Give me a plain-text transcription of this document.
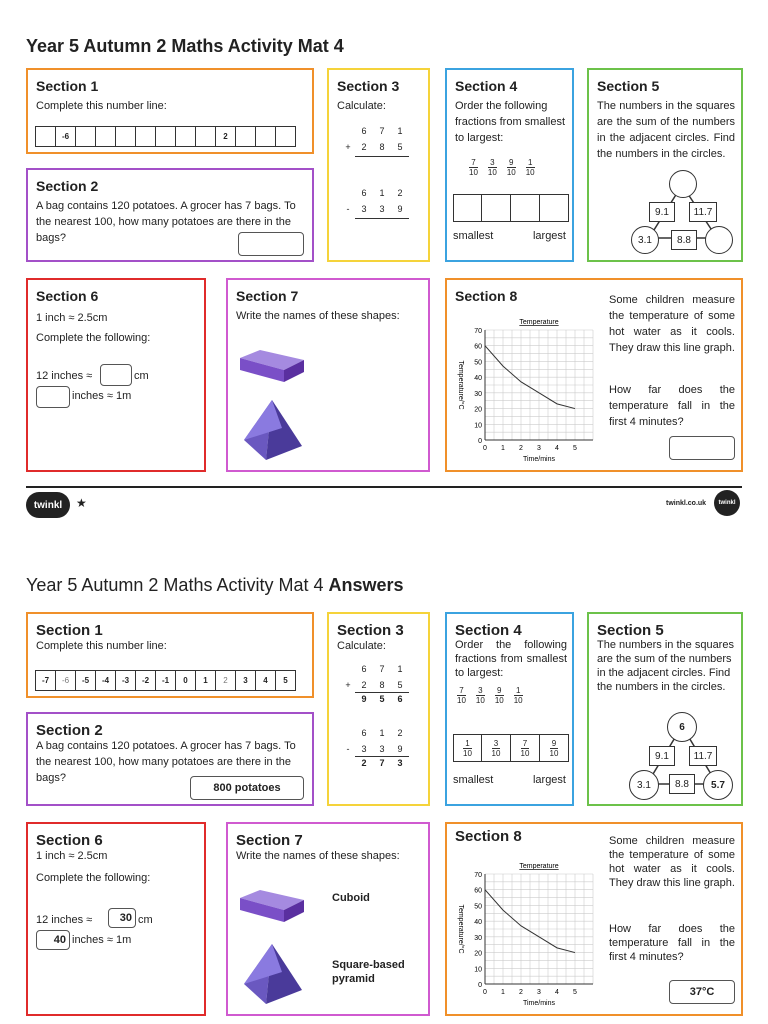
Year 5 Autumn 2 Maths Activity Mat 4
Section 1
Complete this number line:
-6	2
Section 2
A bag contains 120 potatoes. A grocer has 7 bags. To the nearest 100, how many potatoes are there in the bags?
Section 3
Calculate:
6 7 1
+ 2 8 5
6 1 2
- 3 3 9
Section 4
Order the following fractions from smallest to largest:
$\frac{7}{10} \frac{3}{10} \frac{9}{10} \frac{1}{10}$
smallest	largest
Section 5
The numbers in the squares are the sum of the numbers in the adjacent circles. Find the numbers in the circles.
9.1	11.7
3.1	8.8
Section 6
1 inch ≈ 2.5cm
Complete the following:
12 inches ≈	cm
inches ≈ 1m
Section 7
Write the names of these shapes:
Section 8
0
10
20
30
40
50
60
70
0 1 2 3 4 5
Temperature
Time/mins
Temperature/°C
Some children measure the temperature of some hot water as it cools. They draw this line graph.
How far does the temperature fall in the first 4 minutes?
twinkl	★	twinkl.co.uk	twinkl
Year 5 Autumn 2 Maths Activity Mat 4 Answers
Section 1
Complete this number line:
-7	-6	-5	-4	-3	-2	-1	0	1	2	3	4	5
Section 2
A bag contains 120 potatoes. A grocer has 7 bags. To the nearest 100, how many potatoes are there in the bags?
800 potatoes
Section 3
Calculate:
6 7 1
+ 2 8 5
9 5 6
6 1 2
- 3 3 9
2 7 3
Section 4
Order the following fractions from smallest to largest:
$\frac{7}{10} \frac{3}{10} \frac{9}{10} \frac{1}{10}$
$\frac{1}{10} \frac{3}{10}$	$\frac{7}{10}$	$\frac{9}{10}$
smallest	largest
Section 5
The numbers in the squares are the sum of the numbers in the adjacent circles. Find the numbers in the circles.
6
9.1	11.7
3.1	8.8	5.7
Section 6
1 inch ≈ 2.5cm
Complete the following:
12 inches ≈	30 cm
40 inches ≈ 1m
Section 7
Write the names of these shapes:
Cuboid
Square-based pyramid
Section 8
0
10
20
30
40
50
60
70
0 1 2 3 4 5
Temperature
Time/mins
Temperature/°C
Some children measure the temperature of some hot water as it cools. They draw this line graph.
How far does the temperature fall in the first 4 minutes?
37°C
